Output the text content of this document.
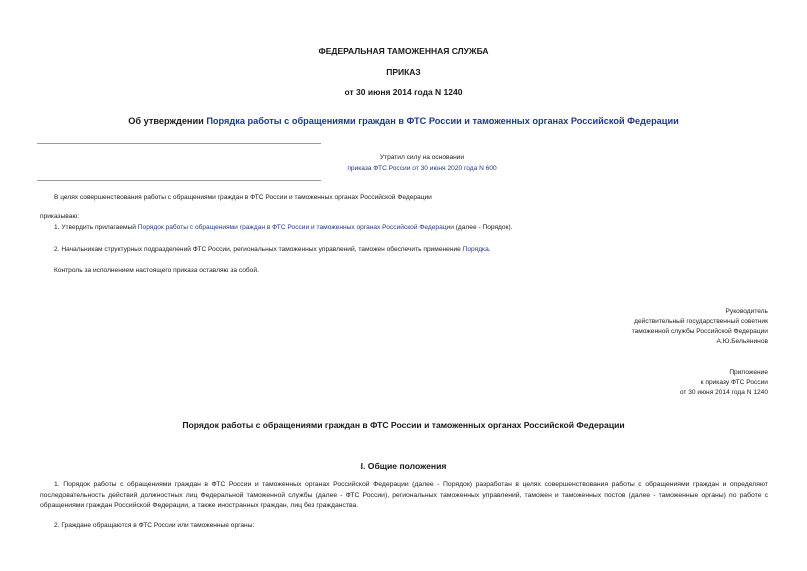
ФЕДЕРАЛЬНАЯ ТАМОЖЕННАЯ СЛУЖБА
ПРИКАЗ
от 30 июня 2014 года N 1240
Об утверждении Порядка работы с обращениями граждан в ФТС России и таможенных органах Российской Федерации
Утратил силу на основании
приказа ФТС России от 30 июня 2020 года N 600
В целях совершенствования работы с обращениями граждан в ФТС России и таможенных органах Российской Федерации
приказываю:
1. Утвердить прилагаемый Порядок работы с обращениями граждан в ФТС России и таможенных органах Российской Федерации (далее - Порядок).
2. Начальникам структурных подразделений ФТС России, региональных таможенных управлений, таможен обеспечить применение Порядка.
Контроль за исполнением настоящего приказа оставляю за собой.
Руководитель
действительный государственный советник
таможенной службы Российской Федерации
А.Ю.Бельянинов
Приложение
к приказу ФТС России
от 30 июня 2014 года N 1240
Порядок работы с обращениями граждан в ФТС России и таможенных органах Российской Федерации
I. Общие положения
1. Порядок работы с обращениями граждан в ФТС России и таможенных органах Российской Федерации (далее - Порядок) разработан в целях совершенствования работы с обращениями граждан и определяют последовательность действий должностных лиц Федеральной таможенной службы (далее - ФТС России), региональных таможенных управлений, таможен и таможенных постов (далее - таможенные органы) по работе с обращениями граждан Российской Федерации, а также иностранных граждан, лиц без гражданства.
2. Граждане обращаются в ФТС России или таможенные органы:
